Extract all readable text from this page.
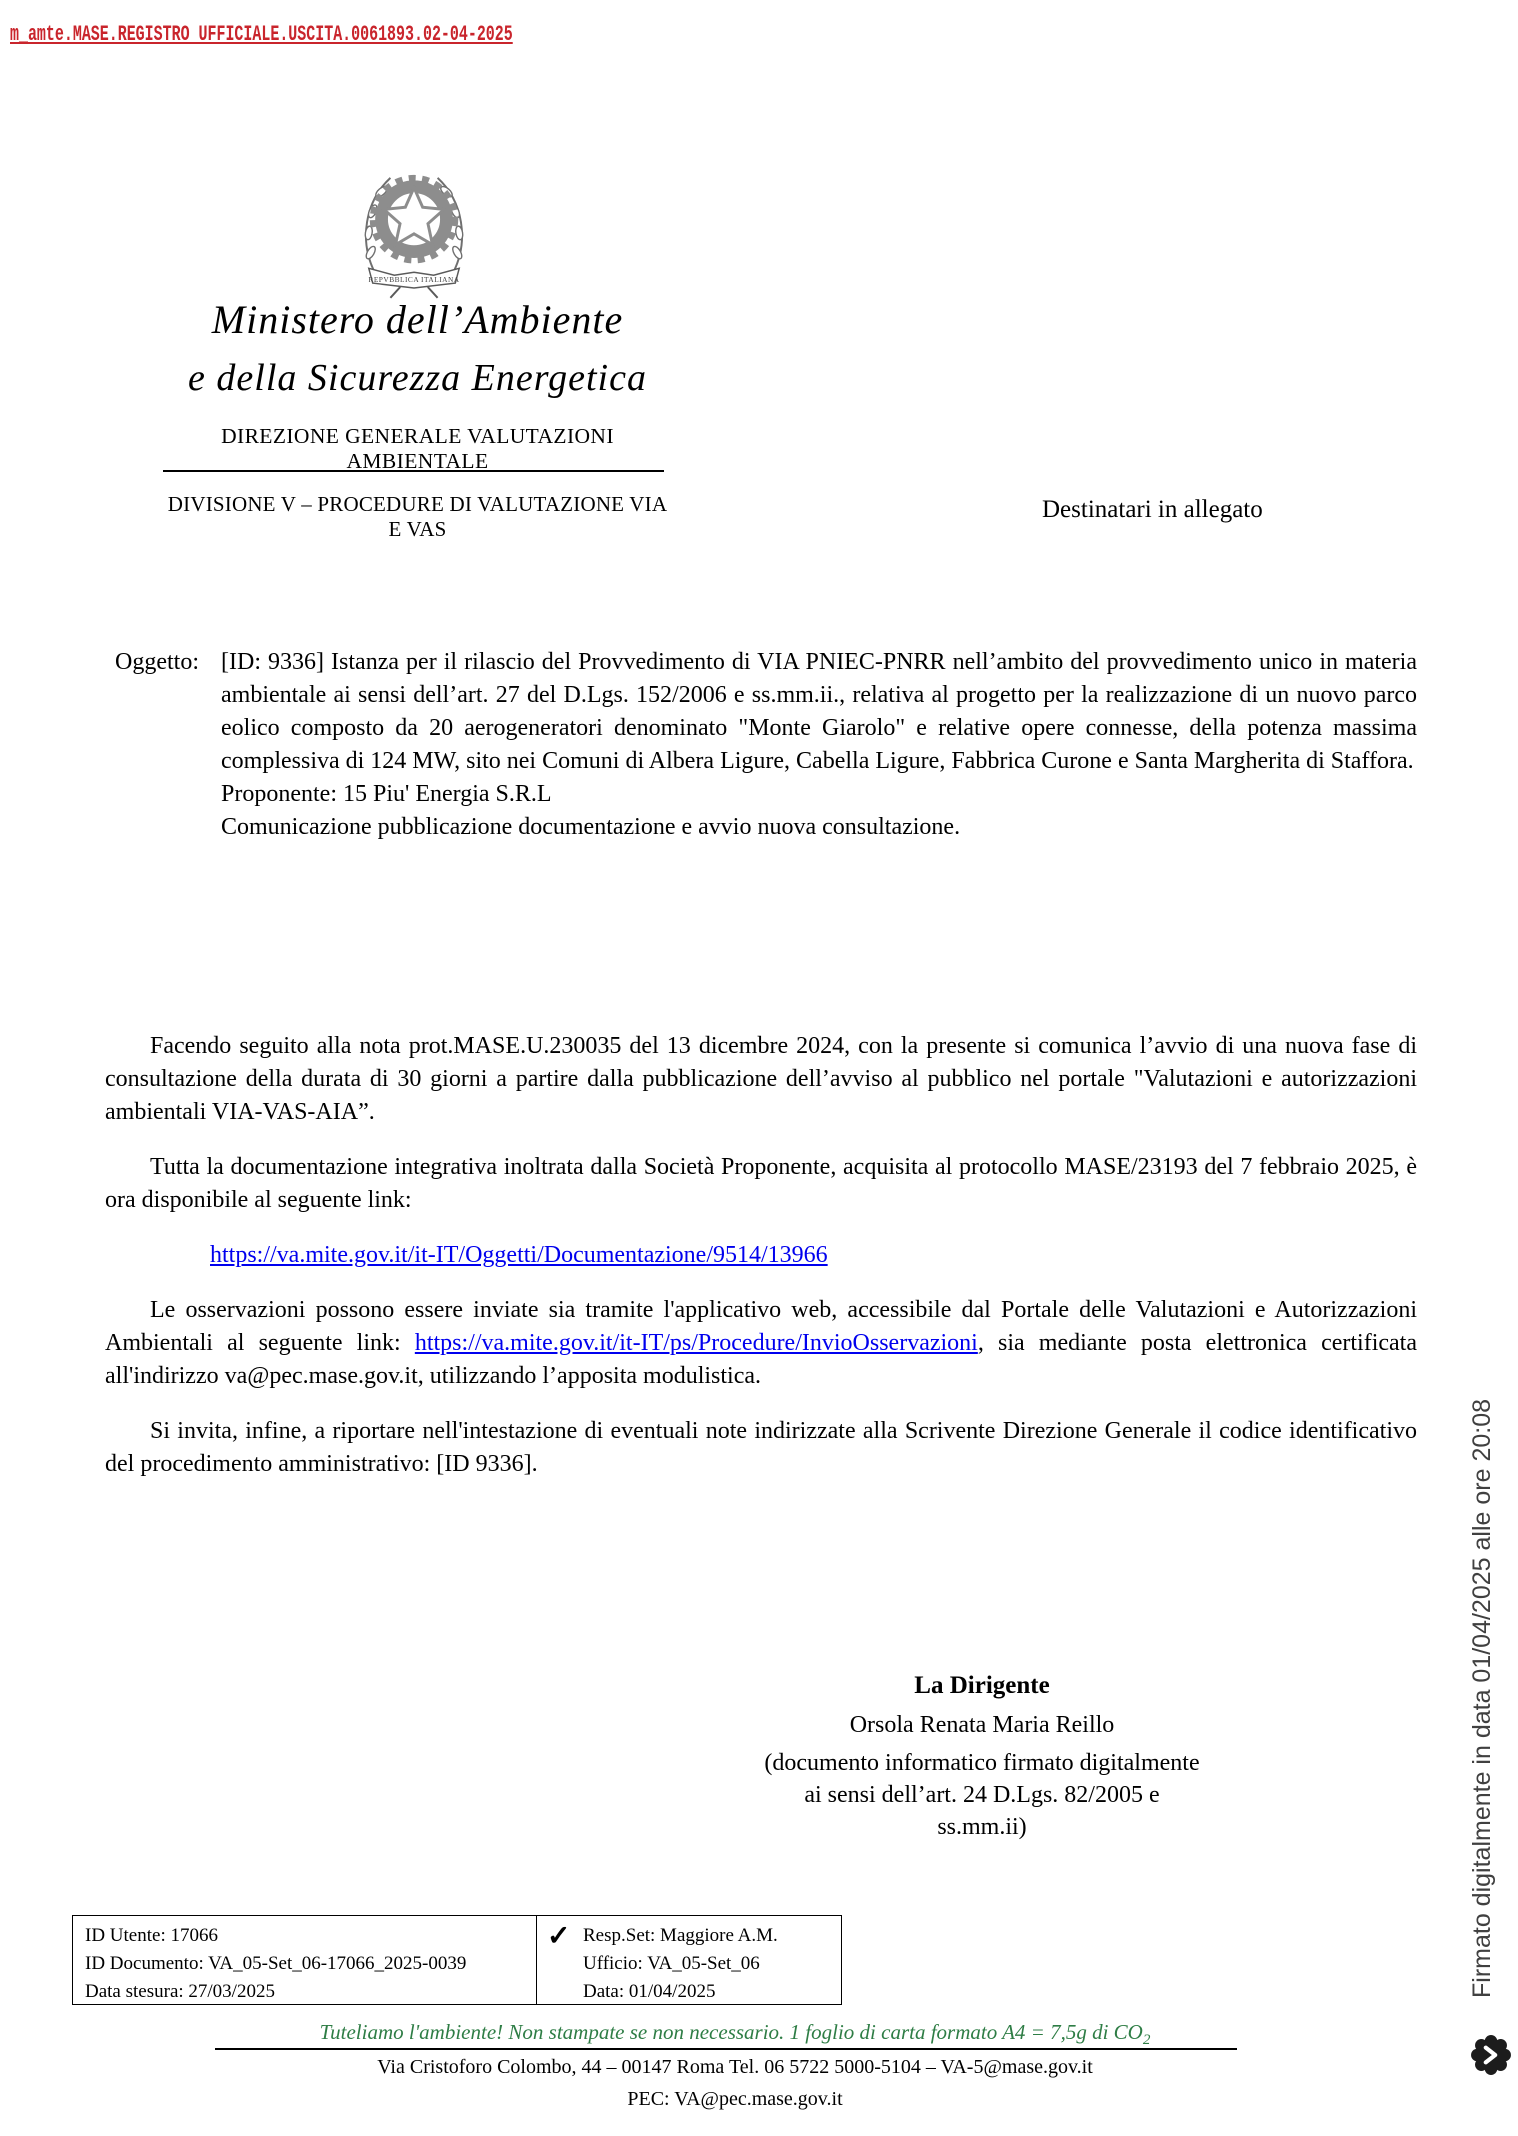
m_amte.MASE.REGISTRO UFFICIALE.USCITA.0061893.02-04-2025
REPVBBLICA ITALIANA
Ministero dell’Ambiente
e della Sicurezza Energetica
DIREZIONE GENERALE VALUTAZIONI AMBIENTALE
DIVISIONE V – PROCEDURE DI VALUTAZIONE VIA E VAS
Destinatari in allegato
Oggetto: [ID: 9336] Istanza per il rilascio del Provvedimento di VIA PNIEC-PNRR nell’ambito del provvedimento unico in materia ambientale ai sensi dell’art. 27 del D.Lgs. 152/2006 e ss.mm.ii., relativa al progetto per la realizzazione di un nuovo parco eolico composto da 20 aerogeneratori denominato "Monte Giarolo" e relative opere connesse, della potenza massima complessiva di 124 MW, sito nei Comuni di Albera Ligure, Cabella Ligure, Fabbrica Curone e Santa Margherita di Staffora.
Proponente: 15 Piu' Energia S.R.L
Comunicazione pubblicazione documentazione e avvio nuova consultazione.

Facendo seguito alla nota prot.MASE.U.230035 del 13 dicembre 2024, con la presente si comunica l’avvio di una nuova fase di consultazione della durata di 30 giorni a partire dalla pubblicazione dell’avviso al pubblico nel portale "Valutazioni e autorizzazioni ambientali VIA-VAS-AIA”.

Tutta la documentazione integrativa inoltrata dalla Società Proponente, acquisita al protocollo MASE/23193 del 7 febbraio 2025, è ora disponibile al seguente link:

https://va.mite.gov.it/it-IT/Oggetti/Documentazione/9514/13966

Le osservazioni possono essere inviate sia tramite l'applicativo web, accessibile dal Portale delle Valutazioni e Autorizzazioni Ambientali al seguente link: https://va.mite.gov.it/it-IT/ps/Procedure/InvioOsservazioni, sia mediante posta elettronica certificata all'indirizzo va@pec.mase.gov.it, utilizzando l’apposita modulistica.

Si invita, infine, a riportare nell'intestazione di eventuali note indirizzate alla Scrivente Direzione Generale il codice identificativo del procedimento amministrativo: [ID 9336].

La Dirigente
Orsola Renata Maria Reillo
(documento informatico firmato digitalmente
ai sensi dell’art. 24 D.Lgs. 82/2005 e ss.mm.ii)
ID Utente: 17066
ID Documento: VA_05-Set_06-17066_2025-0039
Data stesura: 27/03/2025
✓ Resp.Set: Maggiore A.M.
Ufficio: VA_05-Set_06
Data: 01/04/2025
Tuteliamo l'ambiente! Non stampate se non necessario. 1 foglio di carta formato A4 = 7,5g di $CO_2$
Via Cristoforo Colombo, 44 – 00147 Roma Tel. 06 5722 5000-5104 – VA-5@mase.gov.it
PEC: VA@pec.mase.gov.it
Firmato digitalmente in data 01/04/2025 alle ore 20:08
